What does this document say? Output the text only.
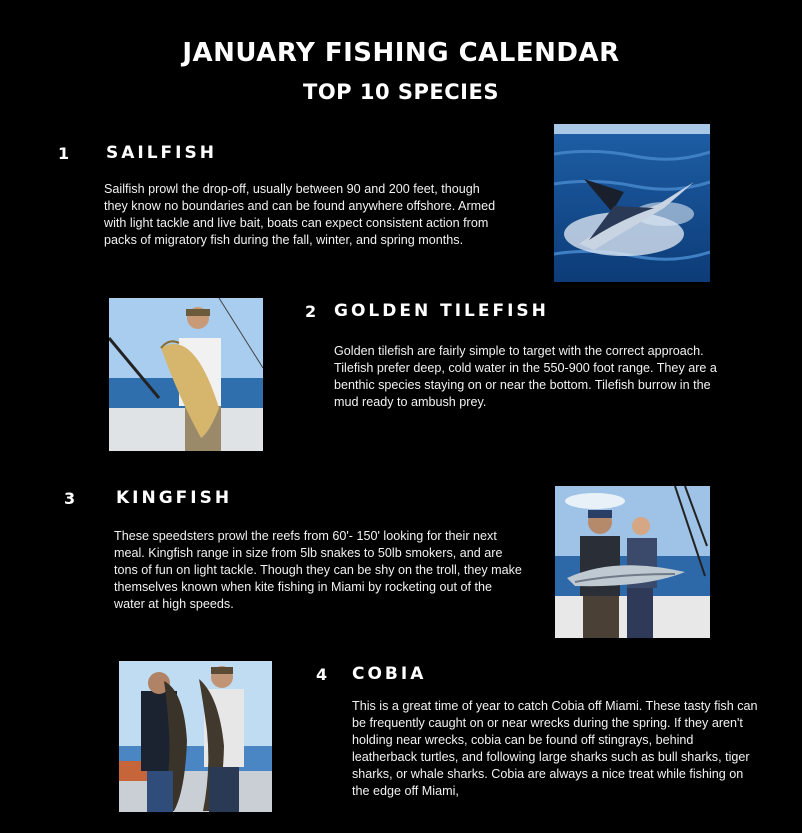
JANUARY FISHING CALENDAR
TOP 10 SPECIES
1 SAILFISH
Sailfish prowl the drop-off, usually between 90 and 200 feet, though they know no boundaries and can be found anywhere offshore. Armed with light tackle and live bait, boats can expect consistent action from packs of migratory fish during the fall, winter, and spring months.
2 GOLDEN TILEFISH
Golden tilefish are fairly simple to target with the correct approach. Tilefish prefer deep, cold water in the 550-900 foot range. They are a benthic species staying on or near the bottom. Tilefish burrow in the mud ready to ambush prey.
3 KINGFISH
These speedsters prowl the reefs from 60'- 150' looking for their next meal. Kingfish range in size from 5lb snakes to 50lb smokers, and are tons of fun on light tackle. Though they can be shy on the troll, they make themselves known when kite fishing in Miami by rocketing out of the water at high speeds.
4 COBIA
This is a great time of year to catch Cobia off Miami. These tasty fish can be frequently caught on or near wrecks during the spring. If they aren't holding near wrecks, cobia can be found off stingrays, behind leatherback turtles, and following large sharks such as bull sharks, tiger sharks, or whale sharks. Cobia are always a nice treat while fishing on the edge off Miami,
